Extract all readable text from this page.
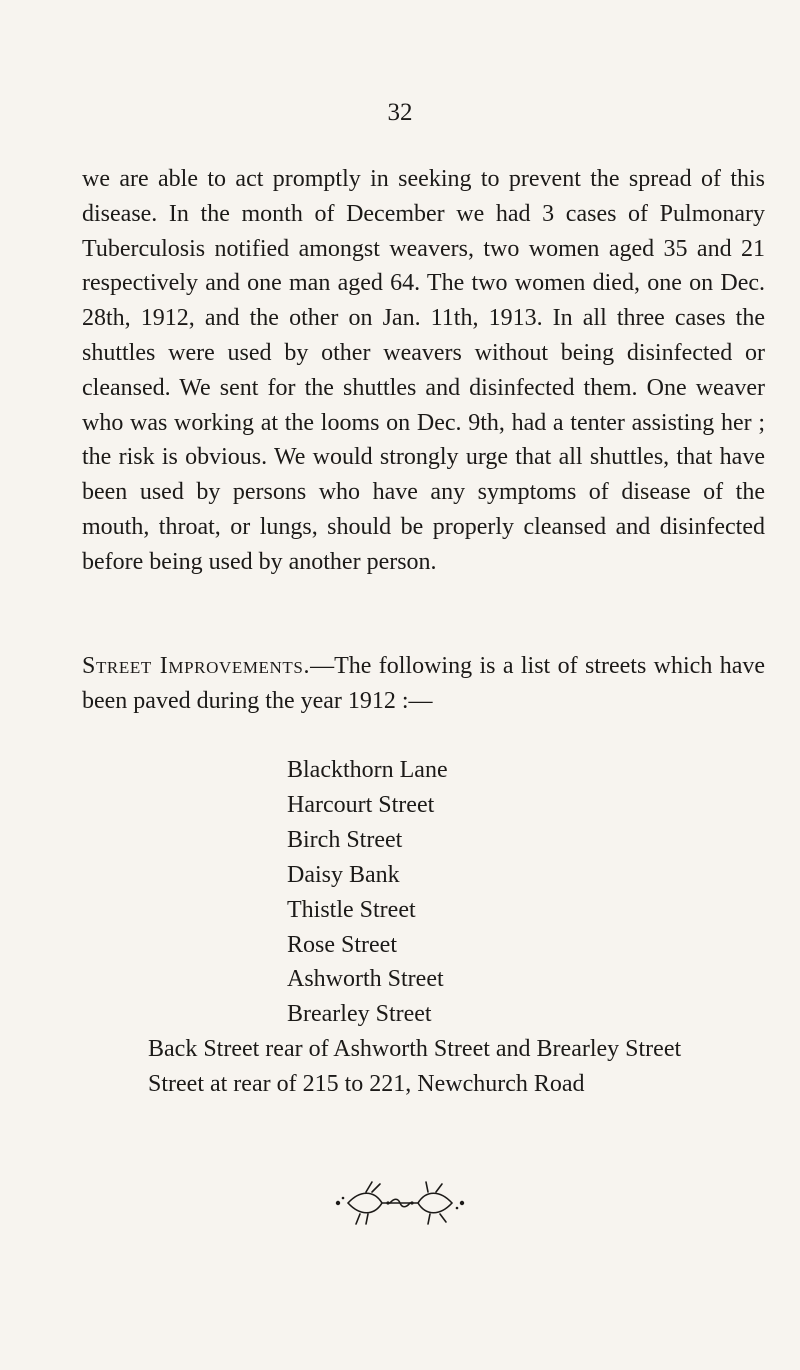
32

we are able to act promptly in seeking to prevent the spread of this disease. In the month of December we had 3 cases of Pulmonary Tuberculosis notified amongst weavers, two women aged 35 and 21 respectively and one man aged 64. The two women died, one on Dec. 28th, 1912, and the other on Jan. 11th, 1913. In all three cases the shuttles were used by other weavers without being disinfected or cleansed. We sent for the shuttles and disinfected them. One weaver who was working at the looms on Dec. 9th, had a tenter assisting her ; the risk is obvious. We would strongly urge that all shuttles, that have been used by persons who have any symptoms of disease of the mouth, throat, or lungs, should be properly cleansed and disinfected before being used by another person.

Street Improvements.—The following is a list of streets which have been paved during the year 1912 :—

Blackthorn Lane
Harcourt Street
Birch Street
Daisy Bank
Thistle Street
Rose Street
Ashworth Street
Brearley Street
Back Street rear of Ashworth Street and Brearley Street
Street at rear of 215 to 221, Newchurch Road
